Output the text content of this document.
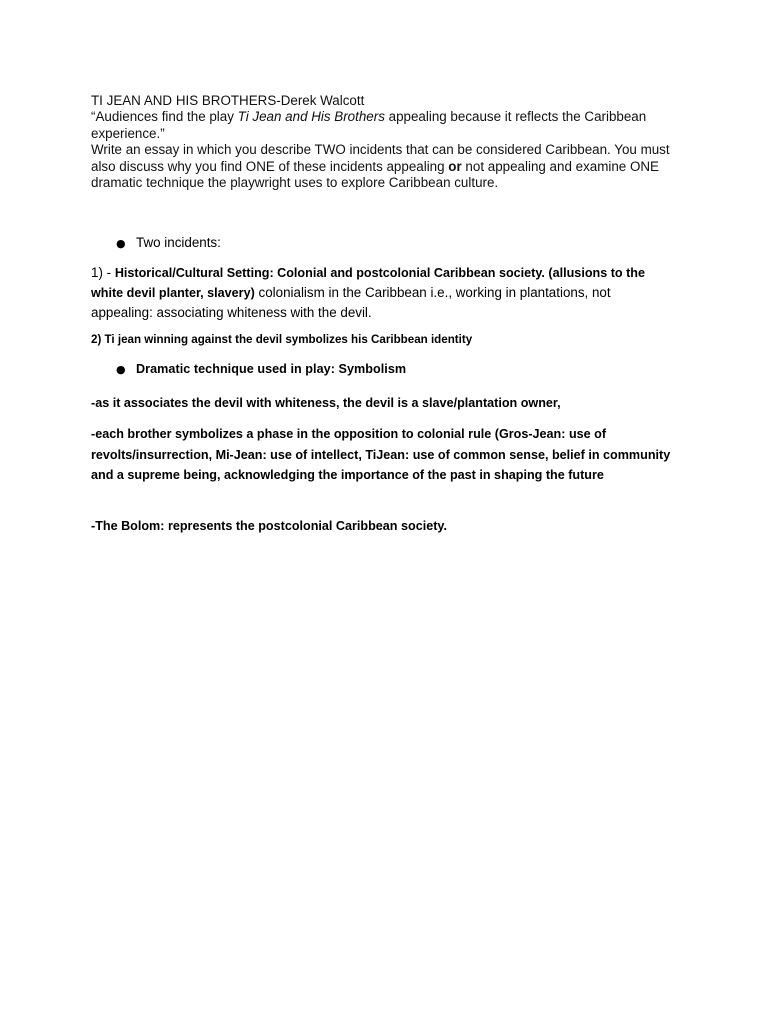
TI JEAN AND HIS BROTHERS-Derek Walcott

“Audiences find the play Ti Jean and His Brothers appealing because it reflects the Caribbean experience.”

Write an essay in which you describe TWO incidents that can be considered Caribbean. You must also discuss why you find ONE of these incidents appealing or not appealing and examine ONE dramatic technique the playwright uses to explore Caribbean culture.

● Two incidents:

1) - Historical/Cultural Setting: Colonial and postcolonial Caribbean society. (allusions to the white devil planter, slavery) colonialism in the Caribbean i.e., working in plantations, not appealing: associating whiteness with the devil.

2) Ti jean winning against the devil symbolizes his Caribbean identity

● Dramatic technique used in play: Symbolism

-as it associates the devil with whiteness, the devil is a slave/plantation owner,

-each brother symbolizes a phase in the opposition to colonial rule (Gros-Jean: use of revolts/insurrection, Mi-Jean: use of intellect, TiJean: use of common sense, belief in community and a supreme being, acknowledging the importance of the past in shaping the future

-The Bolom: represents the postcolonial Caribbean society.
